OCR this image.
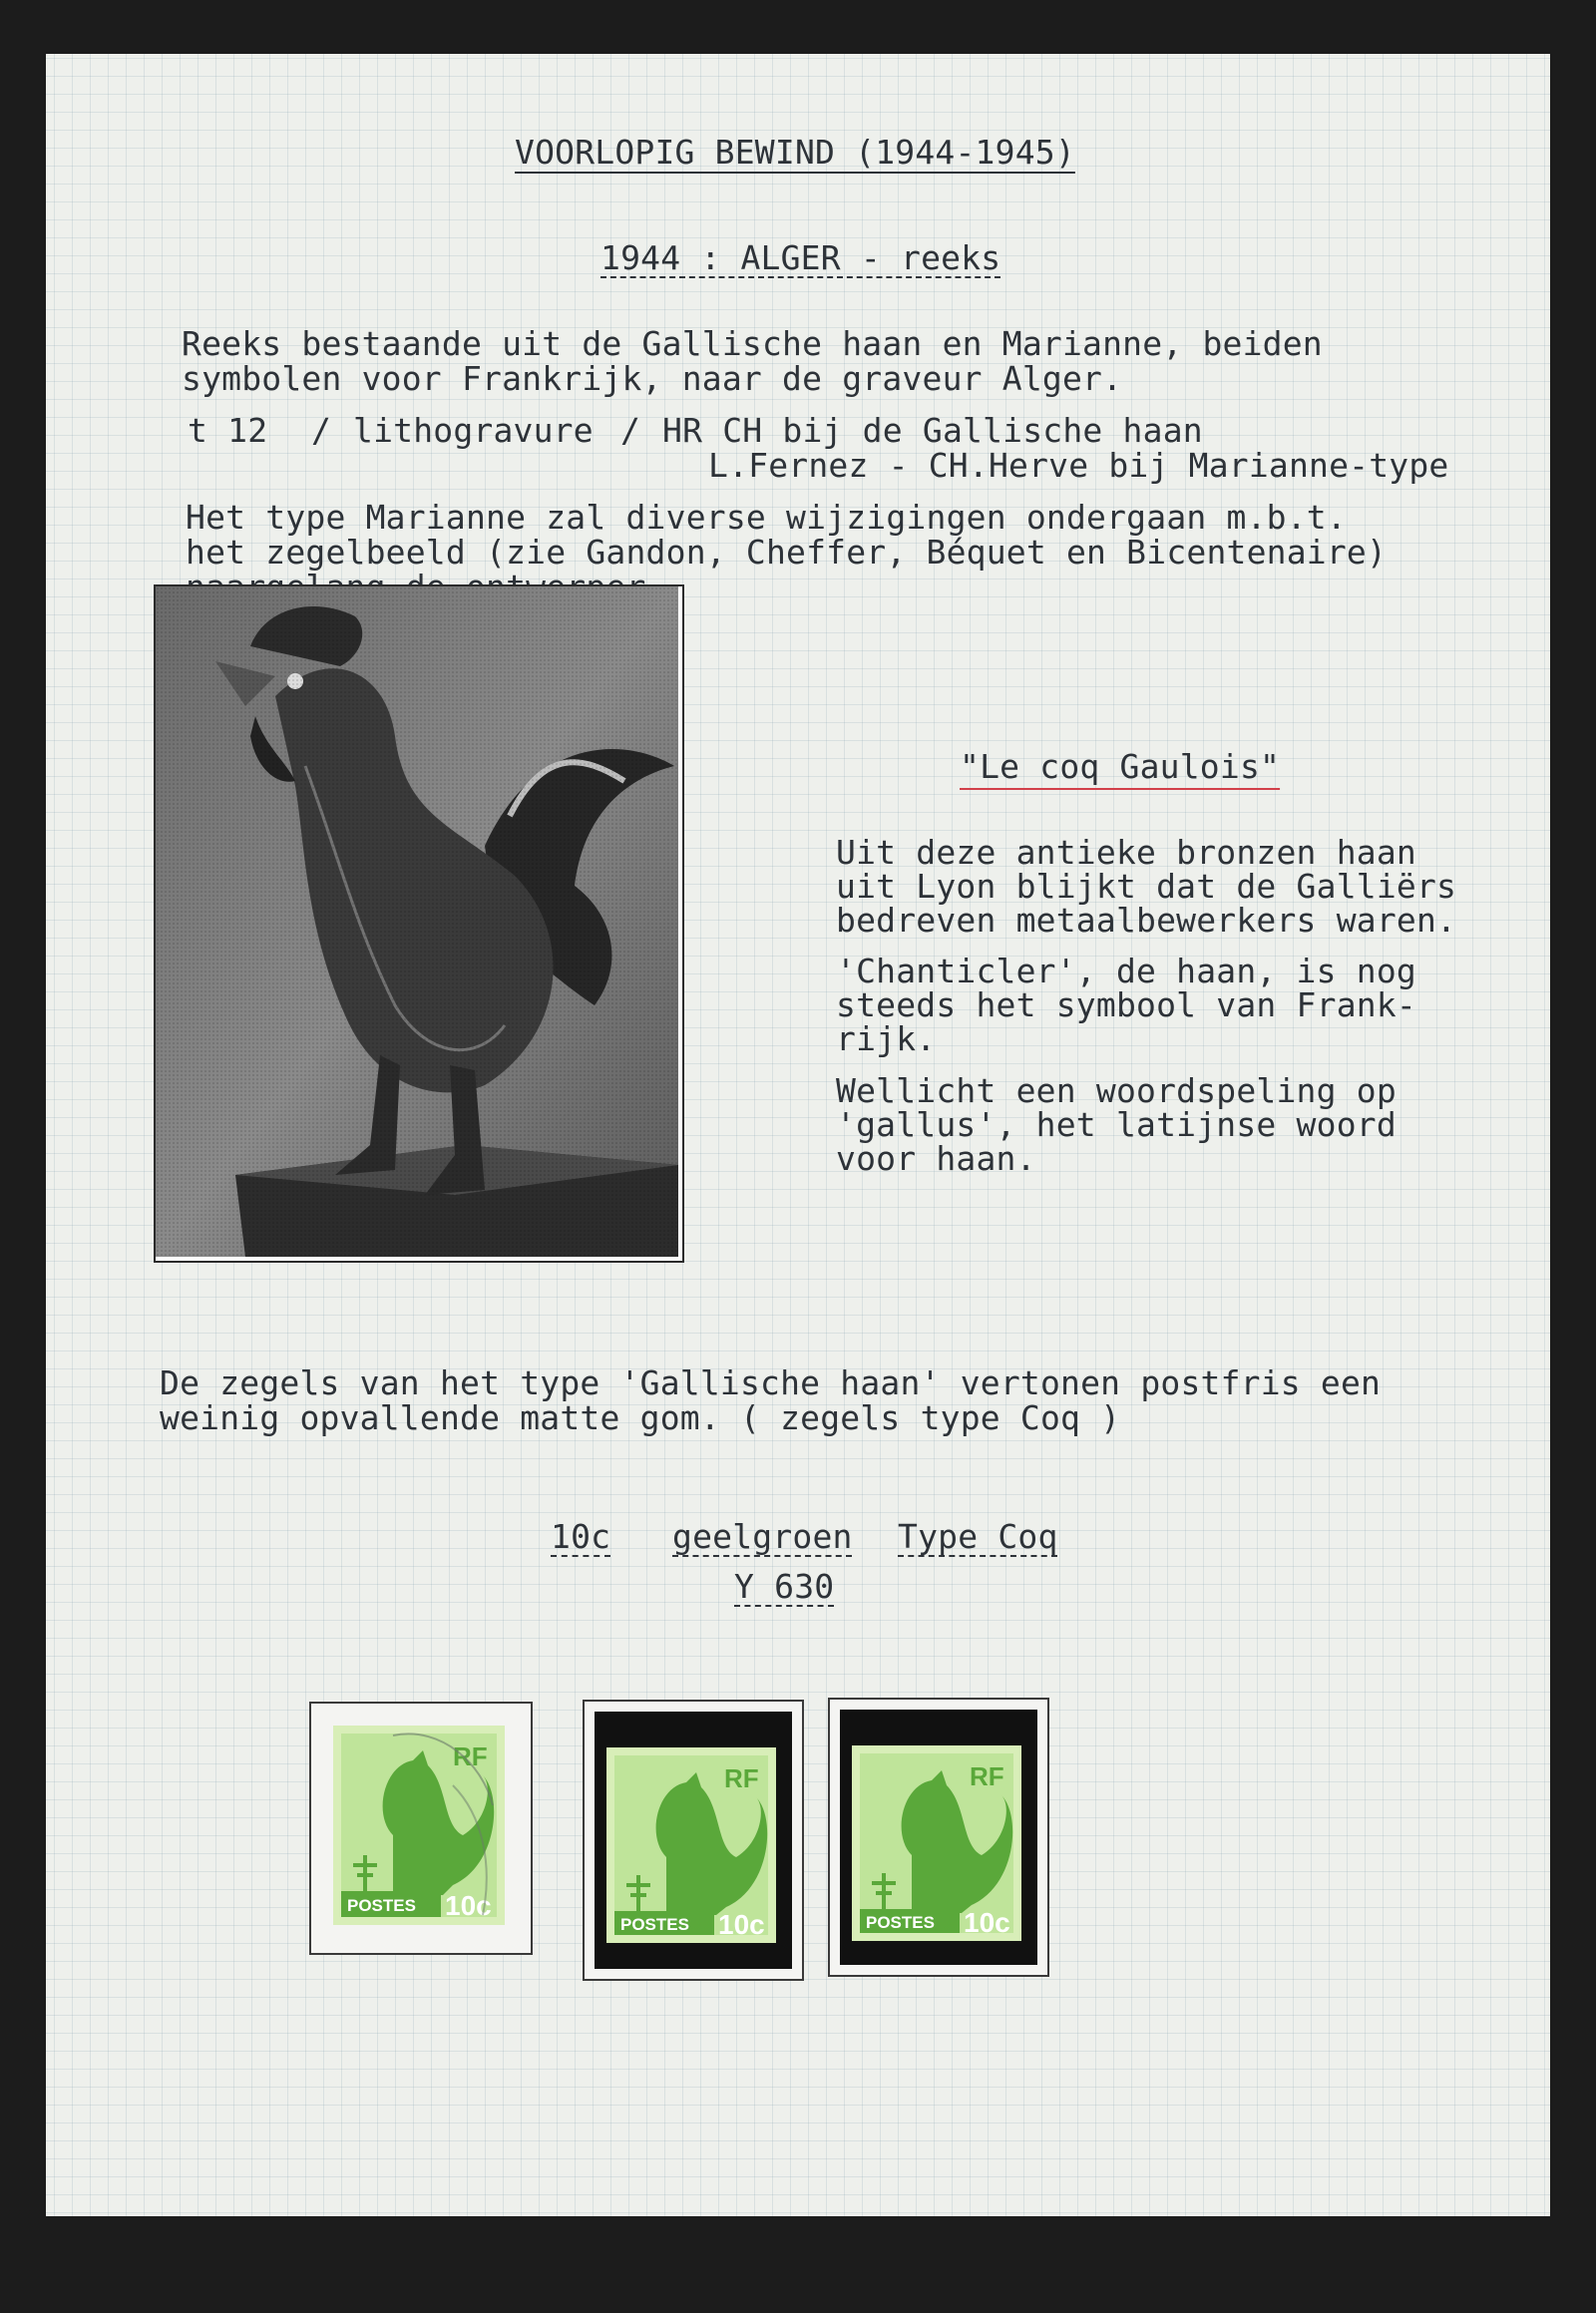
VOORLOPIG BEWIND (1944-1945)
1944 : ALGER - reeks
Reeks bestaande uit de Gallische haan en Marianne, beiden
symbolen voor Frankrijk, naar de graveur Alger.
t 12 / lithogravure / HR CH bij de Gallische haan
L.Fernez - CH.Herve bij Marianne-type
Het type Marianne zal diverse wijzigingen ondergaan m.b.t.
het zegelbeeld (zie Gandon, Cheffer, Béquet en Bicentenaire)
"Le coq Gaulois"
Uit deze antieke bronzen haan
uit Lyon blijkt dat de Galliërs
bedreven metaalbewerkers waren.
'Chanticler', de haan, is nog
steeds het symbool van Frank-
rijk.
Wellicht een woordspeling op
'gallus', het latijnse woord
voor haan.
De zegels van het type 'Gallische haan' vertonen postfris een
weinig opvallende matte gom. ( zegels type Coq )
10c geelgroen Type Coq
Y 630
RF
POSTES 10c
RF
POSTES 10c
RF
POSTES 10c
